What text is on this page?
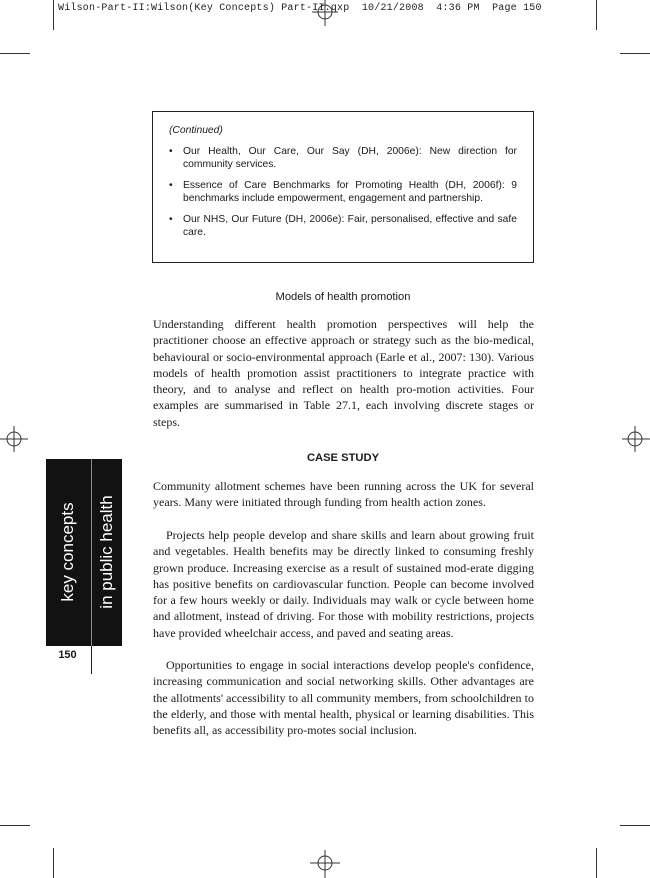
Wilson-Part-II:Wilson(Key Concepts) Part-II.qxp  10/21/2008  4:36 PM  Page 150

(Continued)

• Our Health, Our Care, Our Say (DH, 2006e): New direction for community services.
• Essence of Care Benchmarks for Promoting Health (DH, 2006f): 9 benchmarks include empowerment, engagement and partnership.
• Our NHS, Our Future (DH, 2006e): Fair, personalised, effective and safe care.
Models of health promotion

Understanding different health promotion perspectives will help the practitioner choose an effective approach or strategy such as the bio-medical, behavioural or socio-environmental approach (Earle et al., 2007: 130). Various models of health promotion assist practitioners to integrate practice with theory, and to analyse and reflect on health pro-motion activities. Four examples are summarised in Table 27.1, each involving discrete stages or steps.

CASE STUDY

Community allotment schemes have been running across the UK for several years. Many were initiated through funding from health action zones.

Projects help people develop and share skills and learn about growing fruit and vegetables. Health benefits may be directly linked to consuming freshly grown produce. Increasing exercise as a result of sustained mod-erate digging has positive benefits on cardiovascular function. People can become involved for a few hours weekly or daily. Individuals may walk or cycle between home and allotment, instead of driving. For those with mobility restrictions, projects have provided wheelchair access, and paved and seating areas.

Opportunities to engage in social interactions develop people's confidence, increasing communication and social networking skills. Other advantages are the allotments' accessibility to all community members, from schoolchildren to the elderly, and those with mental health, physical or learning disabilities. This benefits all, as accessibility pro-motes social inclusion.

key concepts in public health
150
